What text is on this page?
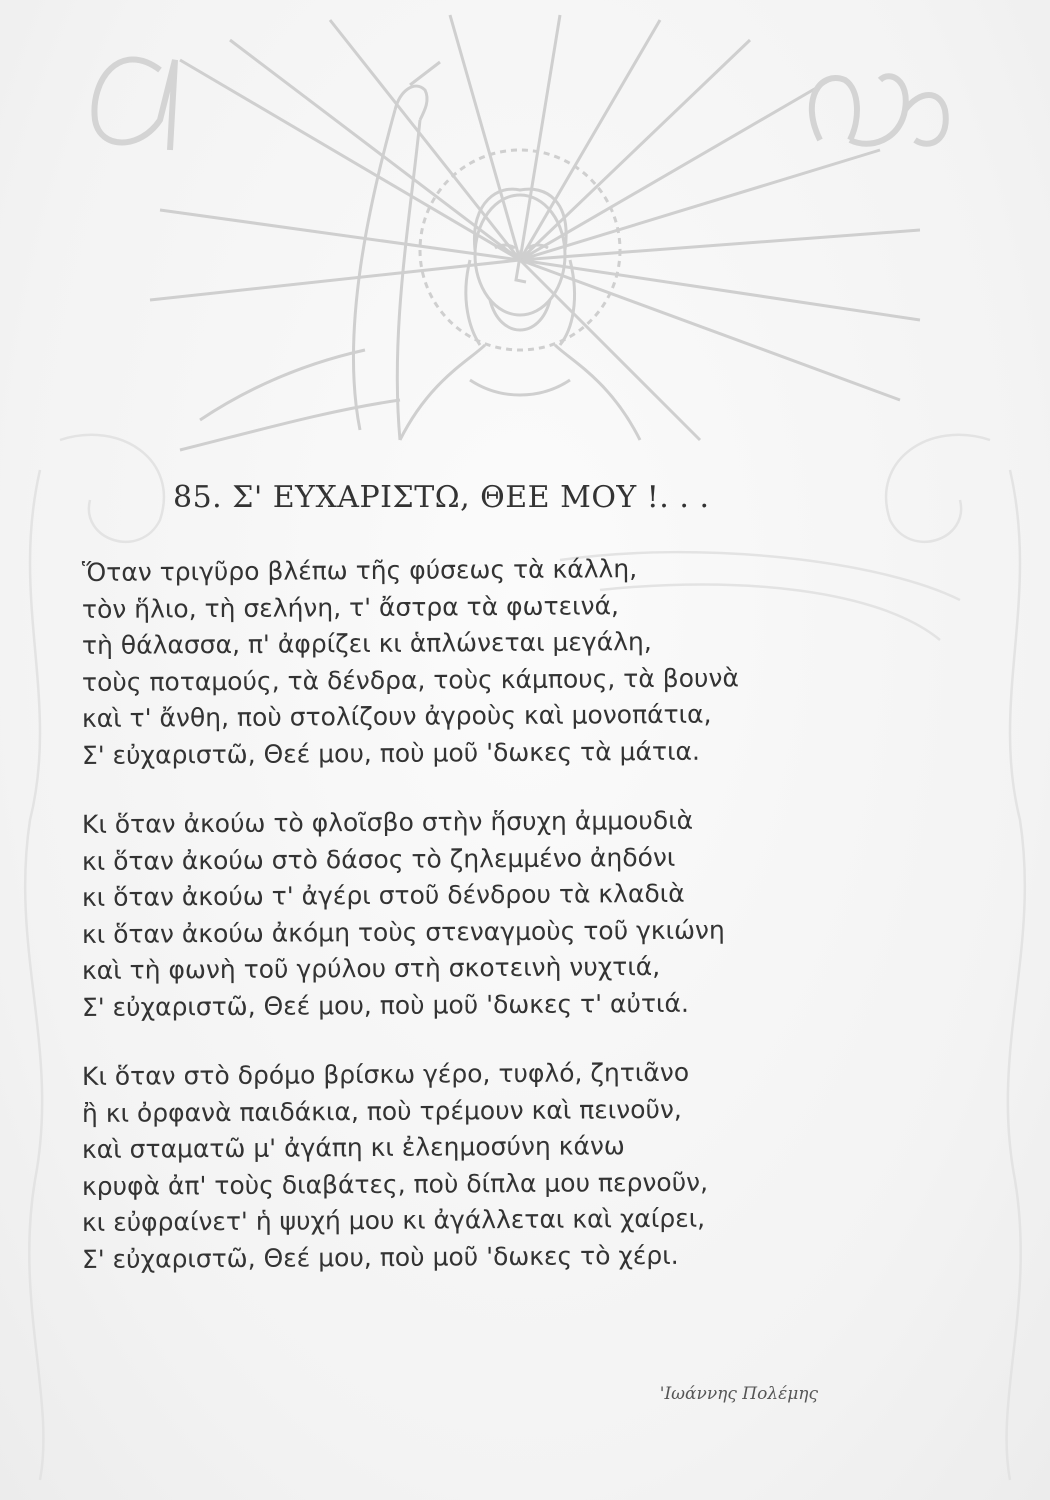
85. Σ' ΕΥΧΑΡΙΣΤΩ, ΘΕΕ ΜΟΥ !. . .
Ὅταν τριγῦρο βλέπω τῆς φύσεως τὰ κάλλη,
τὸν ἥλιο, τὴ σελήνη, τ' ἄστρα τὰ φωτεινά,
τὴ θάλασσα, π' ἀφρίζει κι ἁπλώνεται μεγάλη,
τοὺς ποταμούς, τὰ δένδρα, τοὺς κάμπους, τὰ βουνὰ
καὶ τ' ἄνθη, ποὺ στολίζουν ἀγροὺς καὶ μονοπάτια,
Σ' εὐχαριστῶ, Θεέ μου, ποὺ μοῦ 'δωκες τὰ μάτια.
Κι ὅταν ἀκούω τὸ φλοῖσβο στὴν ἥσυχη ἀμμουδιὰ
κι ὅταν ἀκούω στὸ δάσος τὸ ζηλεμμένο ἀηδόνι
κι ὅταν ἀκούω τ' ἀγέρι στοῦ δένδρου τὰ κλαδιὰ
κι ὅταν ἀκούω ἀκόμη τοὺς στεναγμοὺς τοῦ γκιώνη
καὶ τὴ φωνὴ τοῦ γρύλου στὴ σκοτεινὴ νυχτιά,
Σ' εὐχαριστῶ, Θεέ μου, ποὺ μοῦ 'δωκες τ' αὐτιά.
Κι ὅταν στὸ δρόμο βρίσκω γέρο, τυφλό, ζητιᾶνο
ἢ κι ὀρφανὰ παιδάκια, ποὺ τρέμουν καὶ πεινοῦν,
καὶ σταματῶ μ' ἀγάπη κι ἐλεημοσύνη κάνω
κρυφὰ ἀπ' τοὺς διαβάτες, ποὺ δίπλα μου περνοῦν,
κι εὐφραίνετ' ἡ ψυχή μου κι ἀγάλλεται καὶ χαίρει,
Σ' εὐχαριστῶ, Θεέ μου, ποὺ μοῦ 'δωκες τὸ χέρι.
'Ιωάννης Πολέμης
